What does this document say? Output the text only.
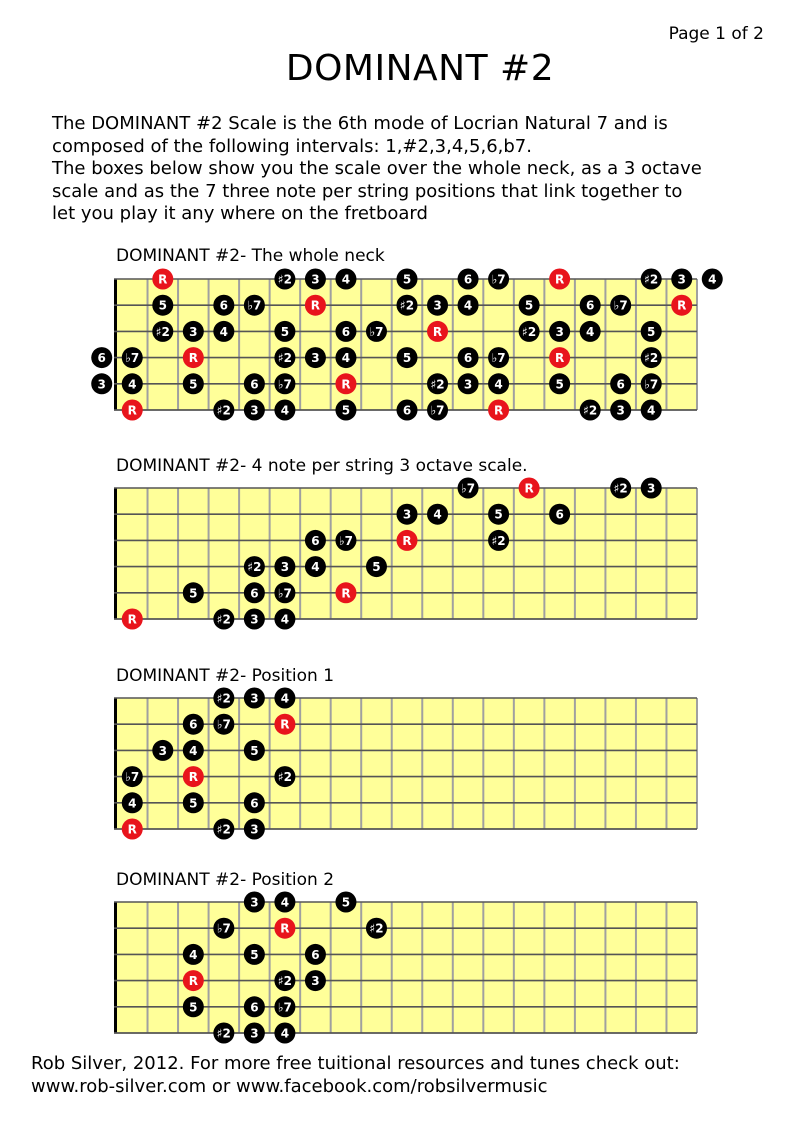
Page 1 of 2
DOMINANT #2

The DOMINANT #2 Scale is the 6th mode of Locrian Natural 7 and is

composed of the following intervals: 1,#2,3,4,5,6,b7.

The boxes below show you the scale over the whole neck, as a 3 octave

scale and as the 7 three note per string positions that link together to

let you play it any where on the fretboard

DOMINANT #2- The whole neck
R	♯2 3 4	5	6 ♭7	R	♯2 3 4
5	6 ♭7	R	♯2 3 4	5	6 ♭7	R
♯2 3 4	5	6 ♭7	R	♯2 3 4	5
6 ♭7	R	♯2 3 4	5	6 ♭7	R	♯2
3 4	5	6 ♭7	R	♯2 3 4	5	6 ♭7
R	♯2 3 4	5	6 ♭7	R	♯2 3 4
DOMINANT #2- 4 note per string 3 octave scale.
♭7	R	♯2 3
3 4	5	6
6 ♭7	R	♯2
♯2 3 4	5
5	6 ♭7	R
R	♯2 3 4
DOMINANT #2- Position 1
♯2 3 4
6 ♭7	R
3 4	5
♭7	R	♯2
4	5	6
R	♯2 3
DOMINANT #2- Position 2
3 4	5
♭7	R	♯2
4	5	6
R	♯2 3
5	6 ♭7
♯2 3 4

Rob Silver, 2012. For more free tuitional resources and tunes check out:

www.rob-silver.com or www.facebook.com/robsilvermusic
